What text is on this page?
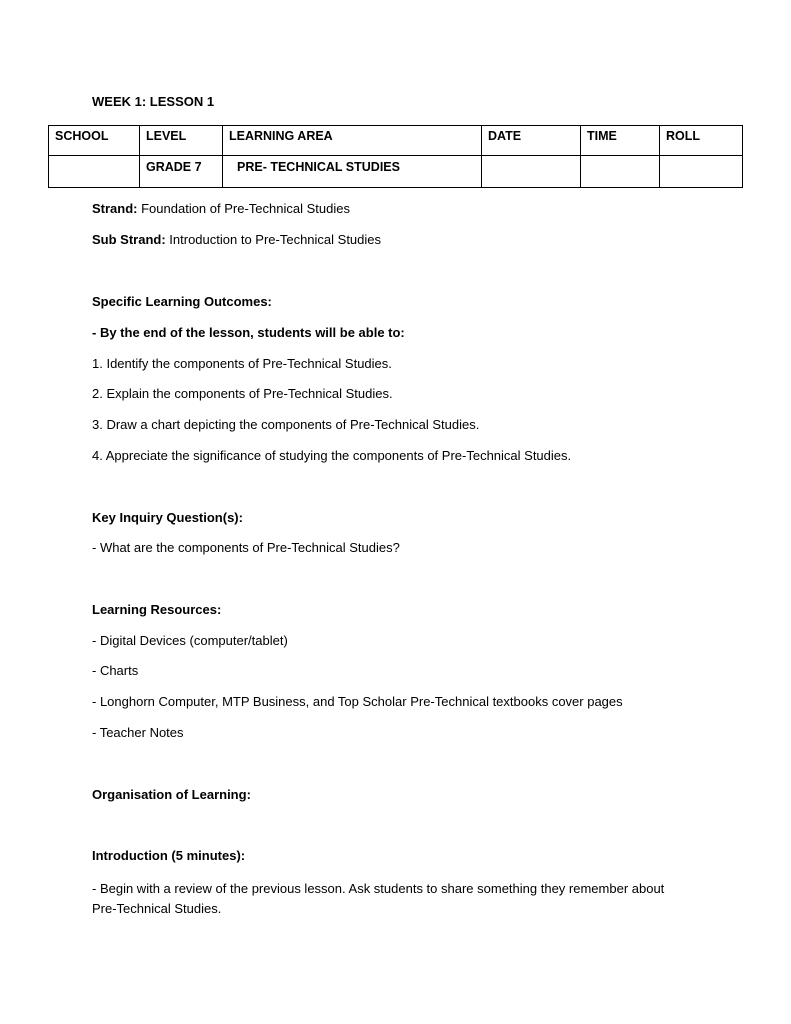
WEEK 1: LESSON 1
SCHOOL	LEVEL	LEARNING AREA	DATE	TIME	ROLL
	GRADE 7	PRE- TECHNICAL STUDIES			
Strand: Foundation of Pre-Technical Studies
Sub Strand: Introduction to Pre-Technical Studies
Specific Learning Outcomes:
- By the end of the lesson, students will be able to:
1. Identify the components of Pre-Technical Studies.
2. Explain the components of Pre-Technical Studies.
3. Draw a chart depicting the components of Pre-Technical Studies.
4. Appreciate the significance of studying the components of Pre-Technical Studies.
Key Inquiry Question(s):
- What are the components of Pre-Technical Studies?
Learning Resources:
- Digital Devices (computer/tablet)
- Charts
- Longhorn Computer, MTP Business, and Top Scholar Pre-Technical textbooks cover pages
- Teacher Notes
Organisation of Learning:
Introduction (5 minutes):
- Begin with a review of the previous lesson. Ask students to share something they remember about Pre-Technical Studies.
